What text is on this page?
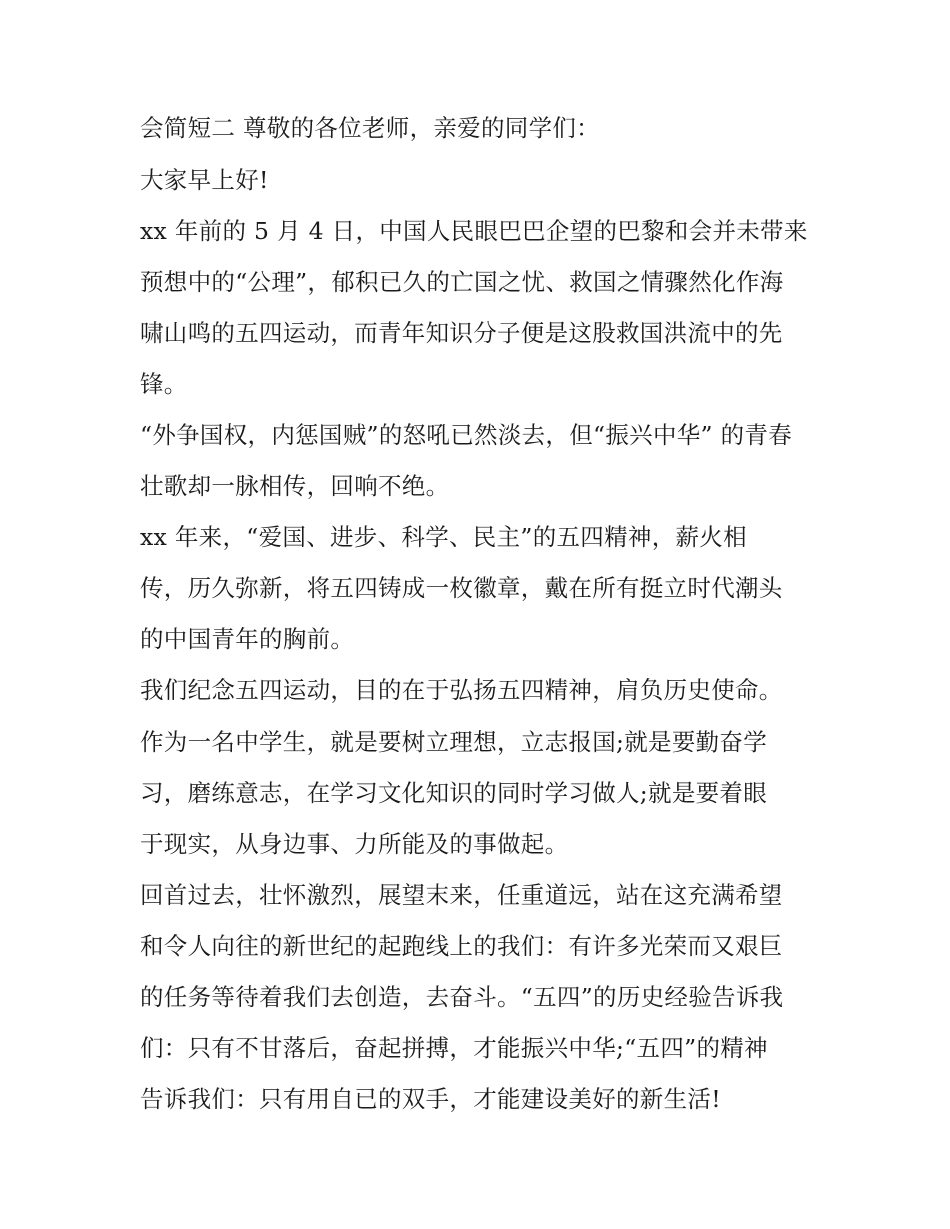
会简短二 尊敬的各位老师，亲爱的同学们：
大家早上好!
xx 年前的 5 月 4 日，中国人民眼巴巴企望的巴黎和会并未带来
预想中的“公理”，郁积已久的亡国之忧、救国之情骤然化作海
啸山鸣的五四运动，而青年知识分子便是这股救国洪流中的先
锋。
“外争国权，内惩国贼”的怒吼已然淡去，但“振兴中华” 的青春
壮歌却一脉相传，回响不绝。
xx 年来，“爱国、进步、科学、民主”的五四精神，薪火相
传，历久弥新，将五四铸成一枚徽章，戴在所有挺立时代潮头
的中国青年的胸前。
我们纪念五四运动，目的在于弘扬五四精神，肩负历史使命。
作为一名中学生，就是要树立理想，立志报国;就是要勤奋学
习，磨练意志，在学习文化知识的同时学习做人;就是要着眼
于现实，从身边事、力所能及的事做起。
回首过去，壮怀激烈，展望末来，任重道远，站在这充满希望
和令人向往的新世纪的起跑线上的我们：有许多光荣而又艰巨
的任务等待着我们去创造，去奋斗。“五四”的历史经验告诉我
们：只有不甘落后，奋起拼搏，才能振兴中华;“五四”的精神
告诉我们：只有用自已的双手，才能建设美好的新生活!
